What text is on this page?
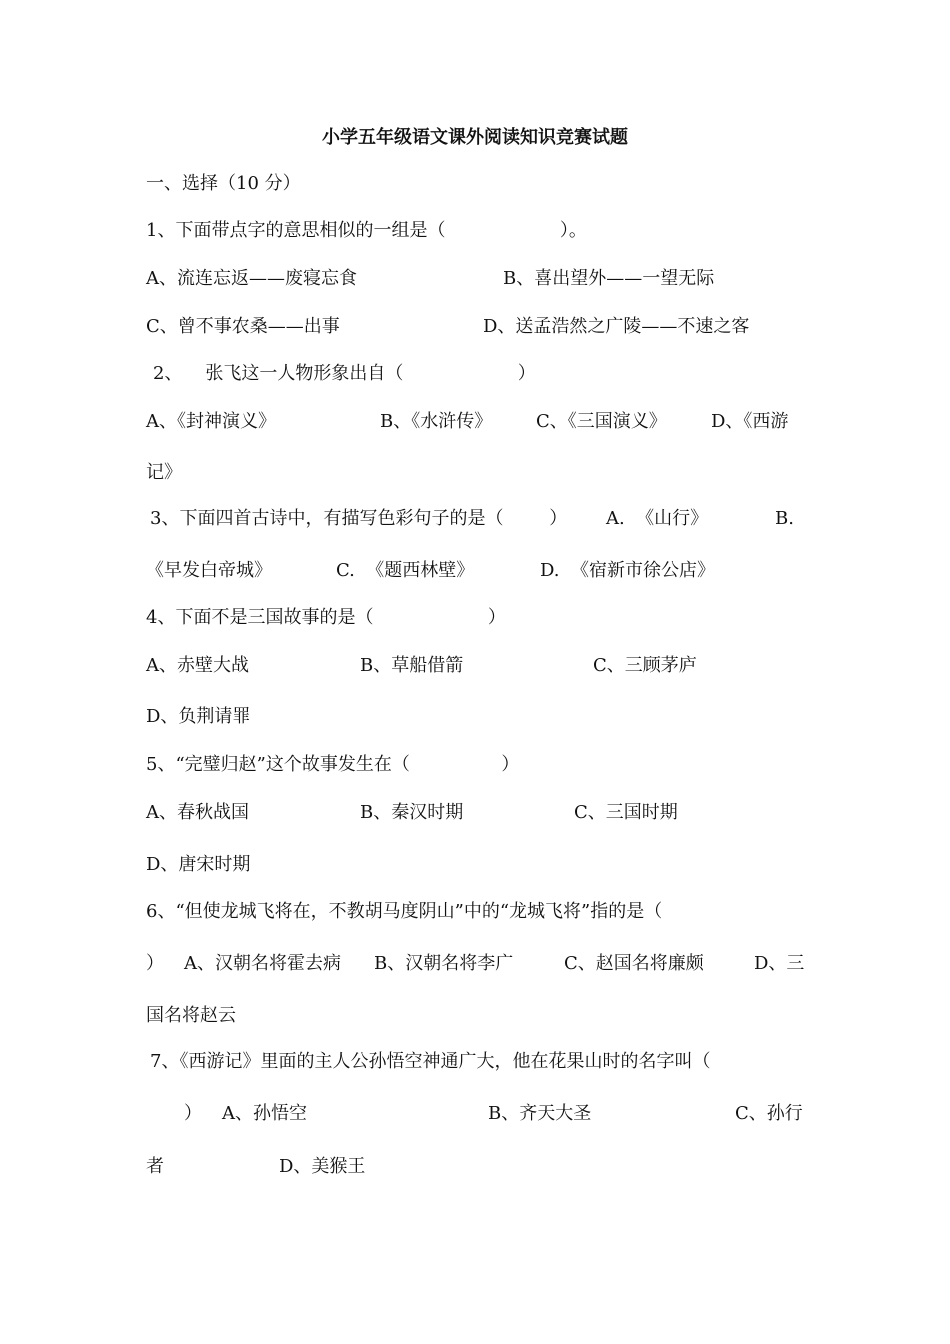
小学五年级语文课外阅读知识竞赛试题
一、选择（10 分）
1、下面带点字的意思相似的一组是（                    ）。
A、流连忘返——废寝忘食	B、喜出望外——一望无际
C、曾不事农桑——出事	D、送孟浩然之广陵——不速之客
2、    张飞这一人物形象出自（                    ）
A、《封神演义》	B、《水浒传》 C、《三国演义》 D、《西游
记》
3、下面四首古诗中，有描写色彩句子的是（        ） A.  《山行》	B.
《早发白帝城》	C.  《题西林壁》	D.  《宿新市徐公店》
4、下面不是三国故事的是（                    ）
A、赤壁大战	B、草船借箭	C、三顾茅庐
D、负荆请罪
5、“完璧归赵”这个故事发生在（                ）
A、春秋战国	B、秦汉时期	C、三国时期
D、唐宋时期
6、“但使龙城飞将在，不教胡马度阴山”中的“龙城飞将”指的是（
） A、汉朝名将霍去病 B、汉朝名将李广	C、赵国名将廉颇	D、三
国名将赵云
7、《西游记》里面的主人公孙悟空神通广大，他在花果山时的名字叫（
） A、孙悟空	B、齐天大圣	C、孙行
者	D、美猴王
